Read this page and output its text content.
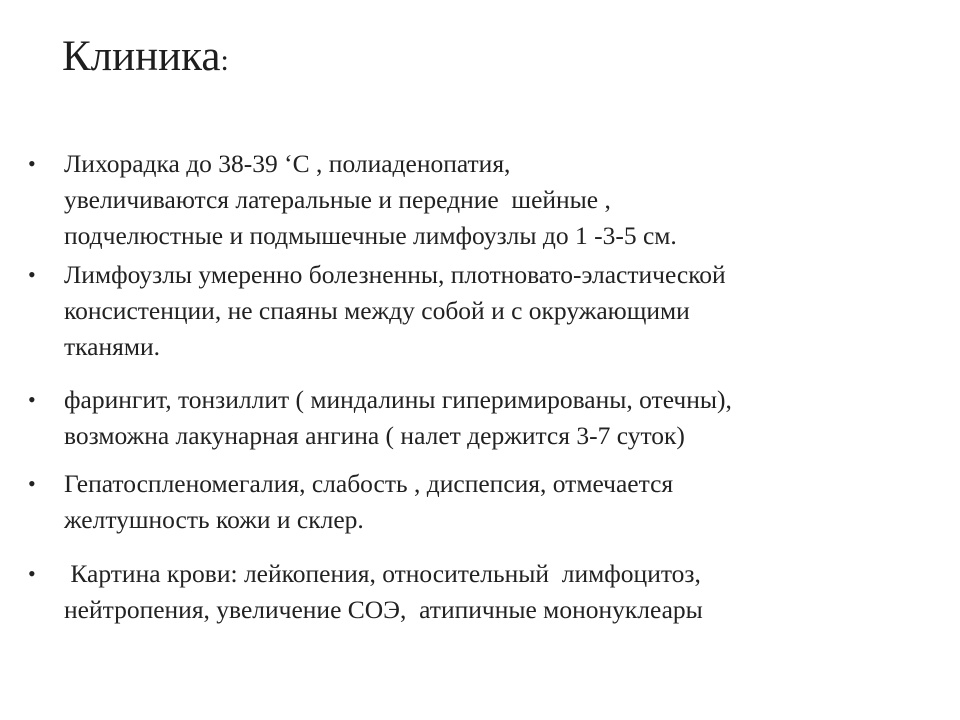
Клиника:
• Лихорадка до 38-39 ‘С , полиаденопатия,
увеличиваются латеральные и передние  шейные ,
подчелюстные и подмышечные лимфоузлы до 1 -3-5 см.
• Лимфоузлы умеренно болезненны, плотновато-эластической
консистенции, не спаяны между собой и с окружающими
тканями.
• фарингит, тонзиллит ( миндалины гиперимированы, отечны),
возможна лакунарная ангина ( налет держится 3-7 суток)
• Гепатоспленомегалия, слабость , диспепсия, отмечается
желтушность кожи и склер.
• Картина крови: лейкопения, относительный  лимфоцитоз,
нейтропения, увеличение СОЭ,  атипичные мононуклеары
